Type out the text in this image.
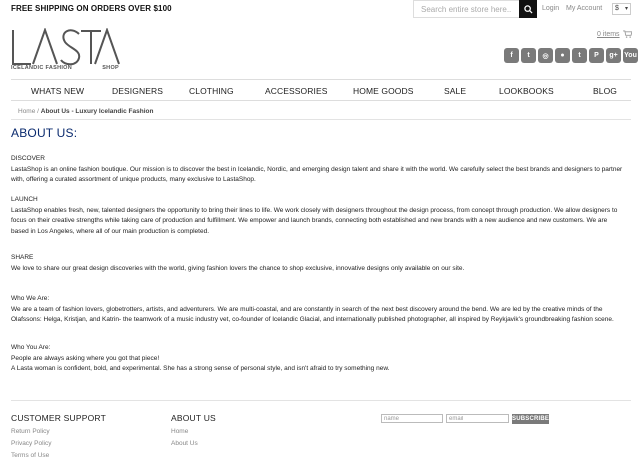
FREE SHIPPING ON ORDERS OVER $100
Search entire store here...	Login My Account	$ ▾
ICELANDIC FASHION	SHOP
0 items
f	t	◎	●	t	P	g+ You
WHATS NEW	DESIGNERS	CLOTHING	ACCESSORIES	HOME GOODS	SALE	LOOKBOOKS	BLOG
Home / About Us - Luxury Icelandic Fashion
ABOUT US:
DISCOVER

LastaShop is an online fashion boutique. Our mission is to discover the best in Icelandic, Nordic, and emerging design talent and share it with the world. We carefully select the best brands and designers to partner with, offering a curated assortment of unique products, many exclusive to LastaShop.

LAUNCH

LastaShop enables fresh, new, talented designers the opportunity to bring their lines to life. We work closely with designers throughout the design process, from concept through production. We allow designers to focus on their creative strengths while taking care of production and fulfillment. We empower and launch brands, connecting both established and new brands with a new audience and new customers. We are based in Los Angeles, where all of our main production is completed.

SHARE

We love to share our great design discoveries with the world, giving fashion lovers the chance to shop exclusive, innovative designs only available on our site.

Who We Are:

We are a team of fashion lovers, globetrotters, artists, and adventurers. We are multi-coastal, and are constantly in search of the next best discovery around the bend. We are led by the creative minds of the Olafssons: Helga, Kristjan, and Katrin- the teamwork of a music industry vet, co-founder of Icelandic Glacial, and internationally published photographer, all inspired by Reykjavik's groundbreaking fashion scene.

Who You Are:

People are always asking where you got that piece!

A Lasta woman is confident, bold, and experimental. She has a strong sense of personal style, and isn't afraid to try something new.

CUSTOMER SUPPORT
Return Policy
Privacy Policy
Terms of Use
ABOUT US
Home
About Us
name
email
SUBSCRIBE
